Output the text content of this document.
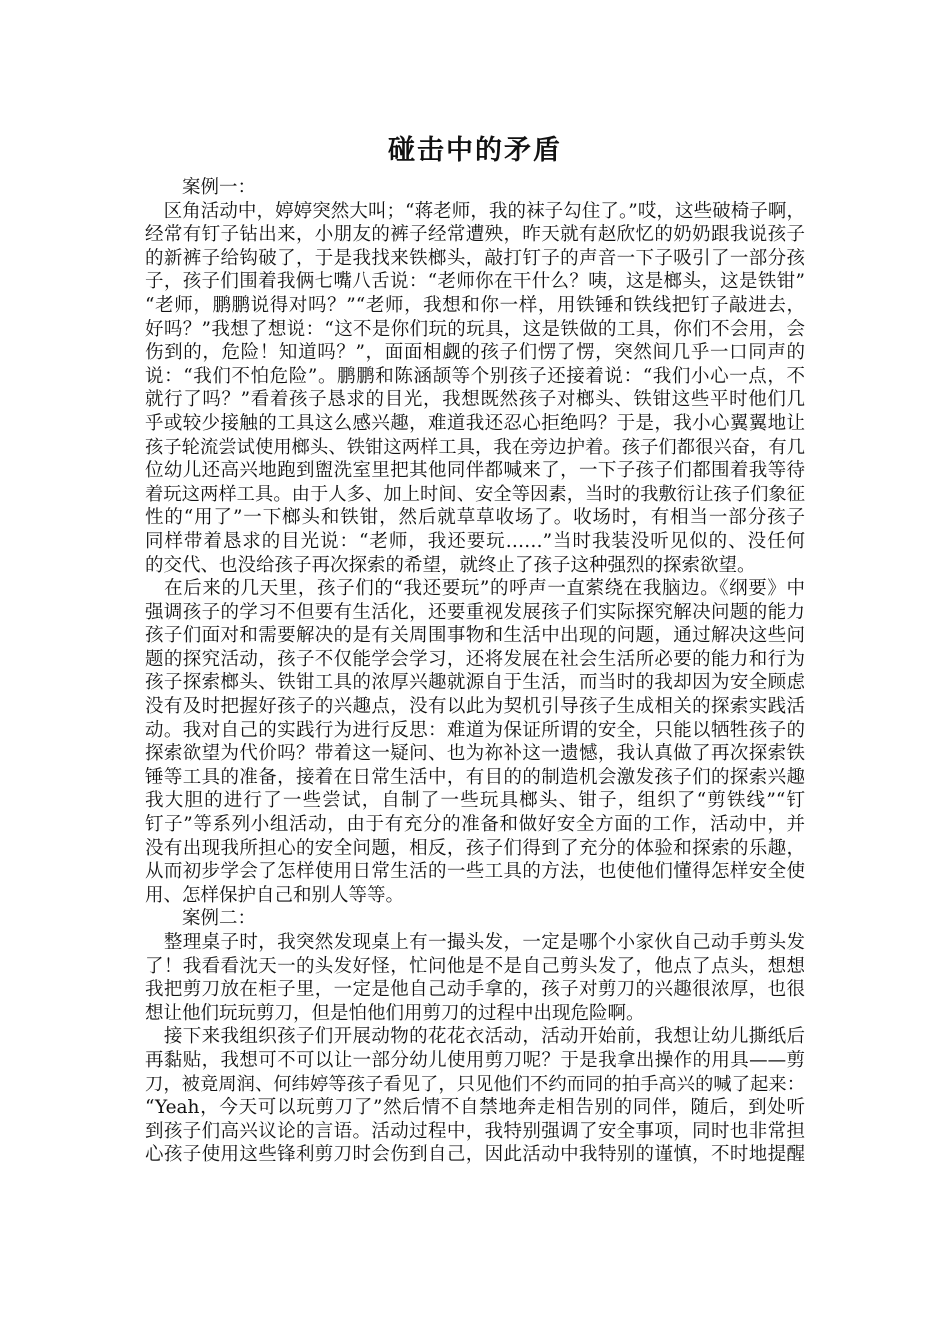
碰击中的矛盾
　　案例一：
　区角活动中，婷婷突然大叫；“蒋老师，我的袜子勾住了。”哎，这些破椅子啊，
经常有钉子钻出来，小朋友的裤子经常遭殃，昨天就有赵欣忆的奶奶跟我说孩子
的新裤子给钩破了，于是我找来铁榔头，敲打钉子的声音一下子吸引了一部分孩
子，孩子们围着我俩七嘴八舌说：“老师你在干什么？咦，这是榔头，这是铁钳”
“老师，鹏鹏说得对吗？”“老师，我想和你一样，用铁锤和铁线把钉子敲进去，
好吗？”我想了想说：“这不是你们玩的玩具，这是铁做的工具，你们不会用，会
伤到的，危险！知道吗？”，面面相觑的孩子们愣了愣，突然间几乎一口同声的
说：“我们不怕危险”。鹏鹏和陈涵颉等个别孩子还接着说：“我们小心一点，不
就行了吗？”看着孩子恳求的目光，我想既然孩子对榔头、铁钳这些平时他们几
乎或较少接触的工具这么感兴趣，难道我还忍心拒绝吗？于是，我小心翼翼地让
孩子轮流尝试使用榔头、铁钳这两样工具，我在旁边护着。孩子们都很兴奋，有几
位幼儿还高兴地跑到盥洗室里把其他同伴都喊来了，一下子孩子们都围着我等待
着玩这两样工具。由于人多、加上时间、安全等因素，当时的我敷衍让孩子们象征
性的“用了”一下榔头和铁钳，然后就草草收场了。收场时，有相当一部分孩子
同样带着恳求的目光说：“老师，我还要玩……”当时我装没听见似的、没任何
的交代、也没给孩子再次探索的希望，就终止了孩子这种强烈的探索欲望。
　在后来的几天里，孩子们的“我还要玩”的呼声一直萦绕在我脑边。《纲要》中
强调孩子的学习不但要有生活化，还要重视发展孩子们实际探究解决问题的能力
孩子们面对和需要解决的是有关周围事物和生活中出现的问题，通过解决这些问
题的探究活动，孩子不仅能学会学习，还将发展在社会生活所必要的能力和行为
孩子探索榔头、铁钳工具的浓厚兴趣就源自于生活，而当时的我却因为安全顾虑
没有及时把握好孩子的兴趣点，没有以此为契机引导孩子生成相关的探索实践活
动。我对自己的实践行为进行反思：难道为保证所谓的安全，只能以牺牲孩子的
探索欲望为代价吗？带着这一疑问、也为祢补这一遗憾，我认真做了再次探索铁
锤等工具的准备，接着在日常生活中，有目的的制造机会激发孩子们的探索兴趣
我大胆的进行了一些尝试，自制了一些玩具榔头、钳子，组织了“剪铁线”“钉
钉子”等系列小组活动，由于有充分的准备和做好安全方面的工作，活动中，并
没有出现我所担心的安全问题，相反，孩子们得到了充分的体验和探索的乐趣，
从而初步学会了怎样使用日常生活的一些工具的方法，也使他们懂得怎样安全使
用、怎样保护自己和别人等等。
　　案例二：
　整理桌子时，我突然发现桌上有一撮头发，一定是哪个小家伙自己动手剪头发
了！我看看沈天一的头发好怪，忙问他是不是自己剪头发了，他点了点头，想想
我把剪刀放在柜子里，一定是他自己动手拿的，孩子对剪刀的兴趣很浓厚，也很
想让他们玩玩剪刀，但是怕他们用剪刀的过程中出现危险啊。
　接下来我组织孩子们开展动物的花花衣活动，活动开始前，我想让幼儿撕纸后
再黏贴，我想可不可以让一部分幼儿使用剪刀呢？于是我拿出操作的用具——剪
刀，被竟周润、何纬婷等孩子看见了，只见他们不约而同的拍手高兴的喊了起来：
“Yeah，今天可以玩剪刀了”然后情不自禁地奔走相告别的同伴，随后，到处听
到孩子们高兴议论的言语。活动过程中，我特别强调了安全事项，同时也非常担
心孩子使用这些锋利剪刀时会伤到自己，因此活动中我特别的谨慎，不时地提醒
